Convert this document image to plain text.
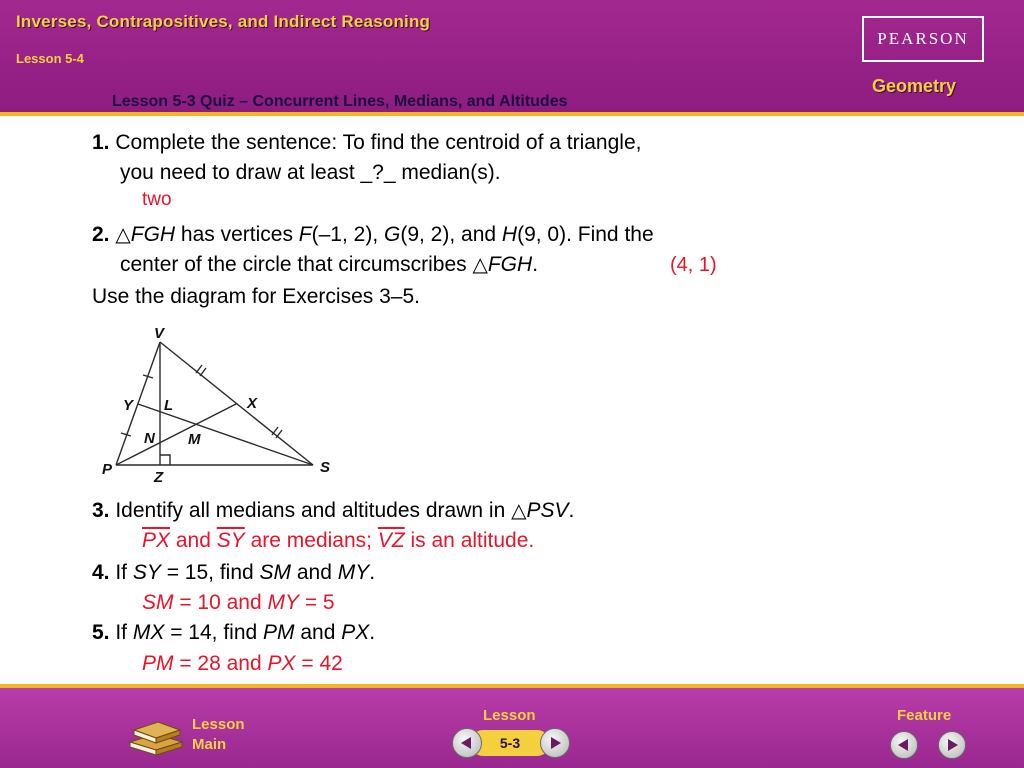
Inverses, Contrapositives, and Indirect Reasoning
Lesson 5-4
Lesson 5-3 Quiz – Concurrent Lines, Medians, and Altitudes
PEARSON
Geometry
1. Complete the sentence: To find the centroid of a triangle,
you need to draw at least _?_ median(s).
two
2. △FGH has vertices F(–1, 2), G(9, 2), and H(9, 0). Find the
center of the circle that circumscribes △FGH.	(4, 1)
Use the diagram for Exercises 3–5.
V
Y L	X
N M
P	Z
S
3. Identify all medians and altitudes drawn in △PSV.
$\overline{PX}$ and $\overline{SY}$ are medians; $\overline{VZ}$ is an altitude.
4. If SY = 15, find SM and MY.
SM = 10 and MY = 5
5. If MX = 14, find PM and PX.
PM = 28 and PX = 42
Lesson
Main
Lesson
5-3
Feature
